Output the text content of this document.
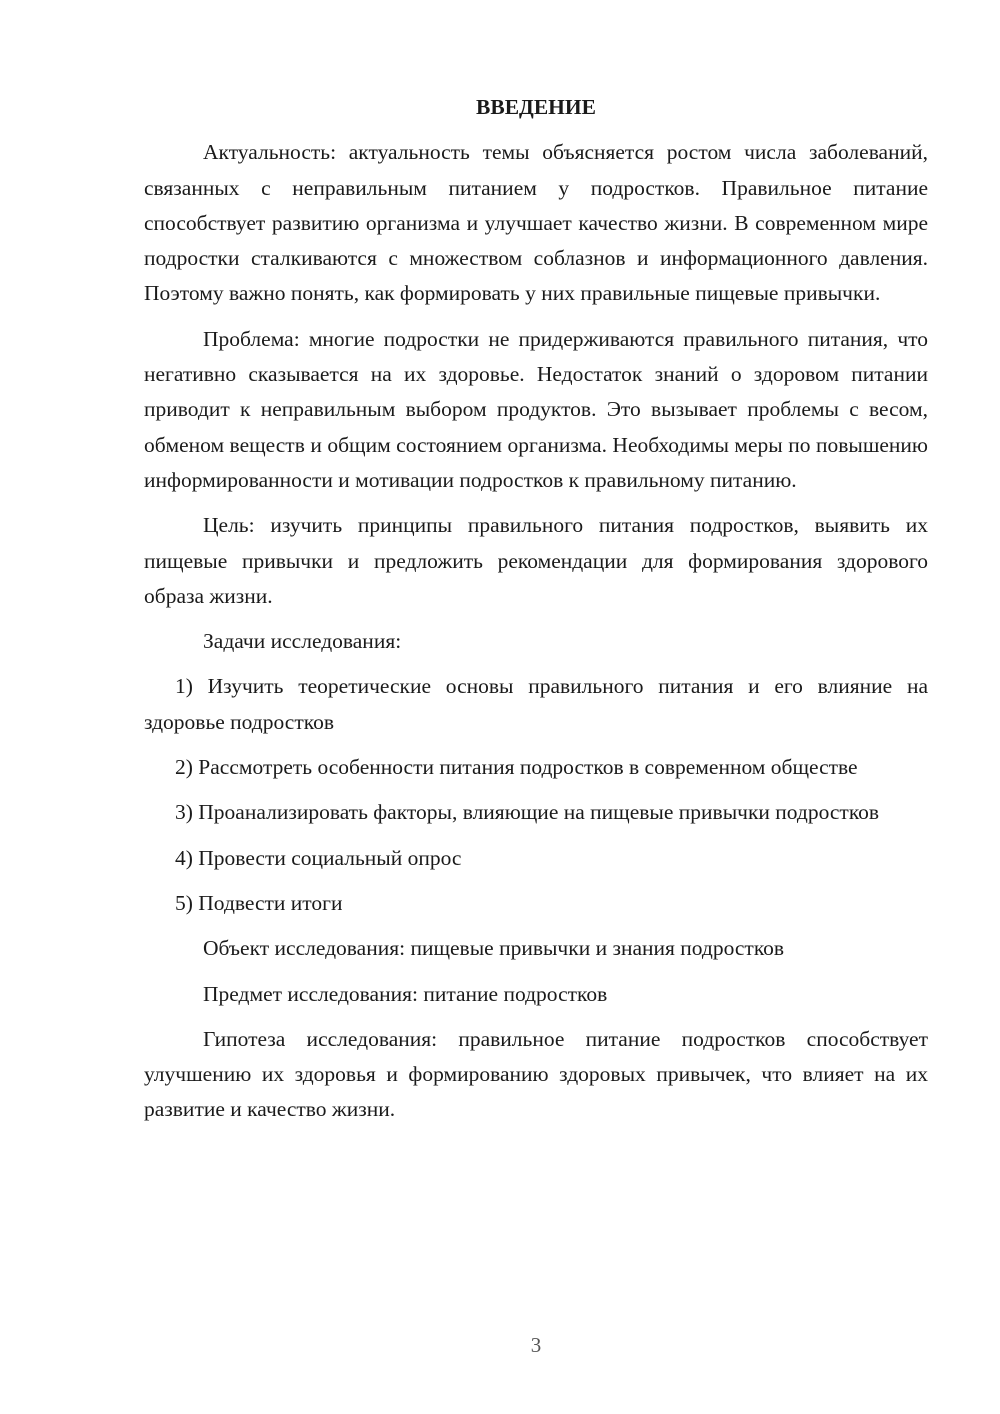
ВВЕДЕНИЕ
Актуальность: актуальность темы объясняется ростом числа заболеваний, связанных с неправильным питанием у подростков. Правильное питание способствует развитию организма и улучшает качество жизни. В современном мире подростки сталкиваются с множеством соблазнов и информационного давления. Поэтому важно понять, как формировать у них правильные пищевые привычки.
Проблема: многие подростки не придерживаются правильного питания, что негативно сказывается на их здоровье. Недостаток знаний о здоровом питании приводит к неправильным выбором продуктов. Это вызывает проблемы с весом, обменом веществ и общим состоянием организма. Необходимы меры по повышению информированности и мотивации подростков к правильному питанию.
Цель: изучить принципы правильного питания подростков, выявить их пищевые привычки и предложить рекомендации для формирования здорового образа жизни.
Задачи исследования:
1) Изучить теоретические основы правильного питания и его влияние на здоровье подростков
2) Рассмотреть особенности питания подростков в современном обществе
3) Проанализировать факторы, влияющие на пищевые привычки подростков
4) Провести социальный опрос
5) Подвести итоги
Объект исследования: пищевые привычки и знания подростков
Предмет исследования: питание подростков
Гипотеза исследования: правильное питание подростков способствует улучшению их здоровья и формированию здоровых привычек, что влияет на их развитие и качество жизни.
3
